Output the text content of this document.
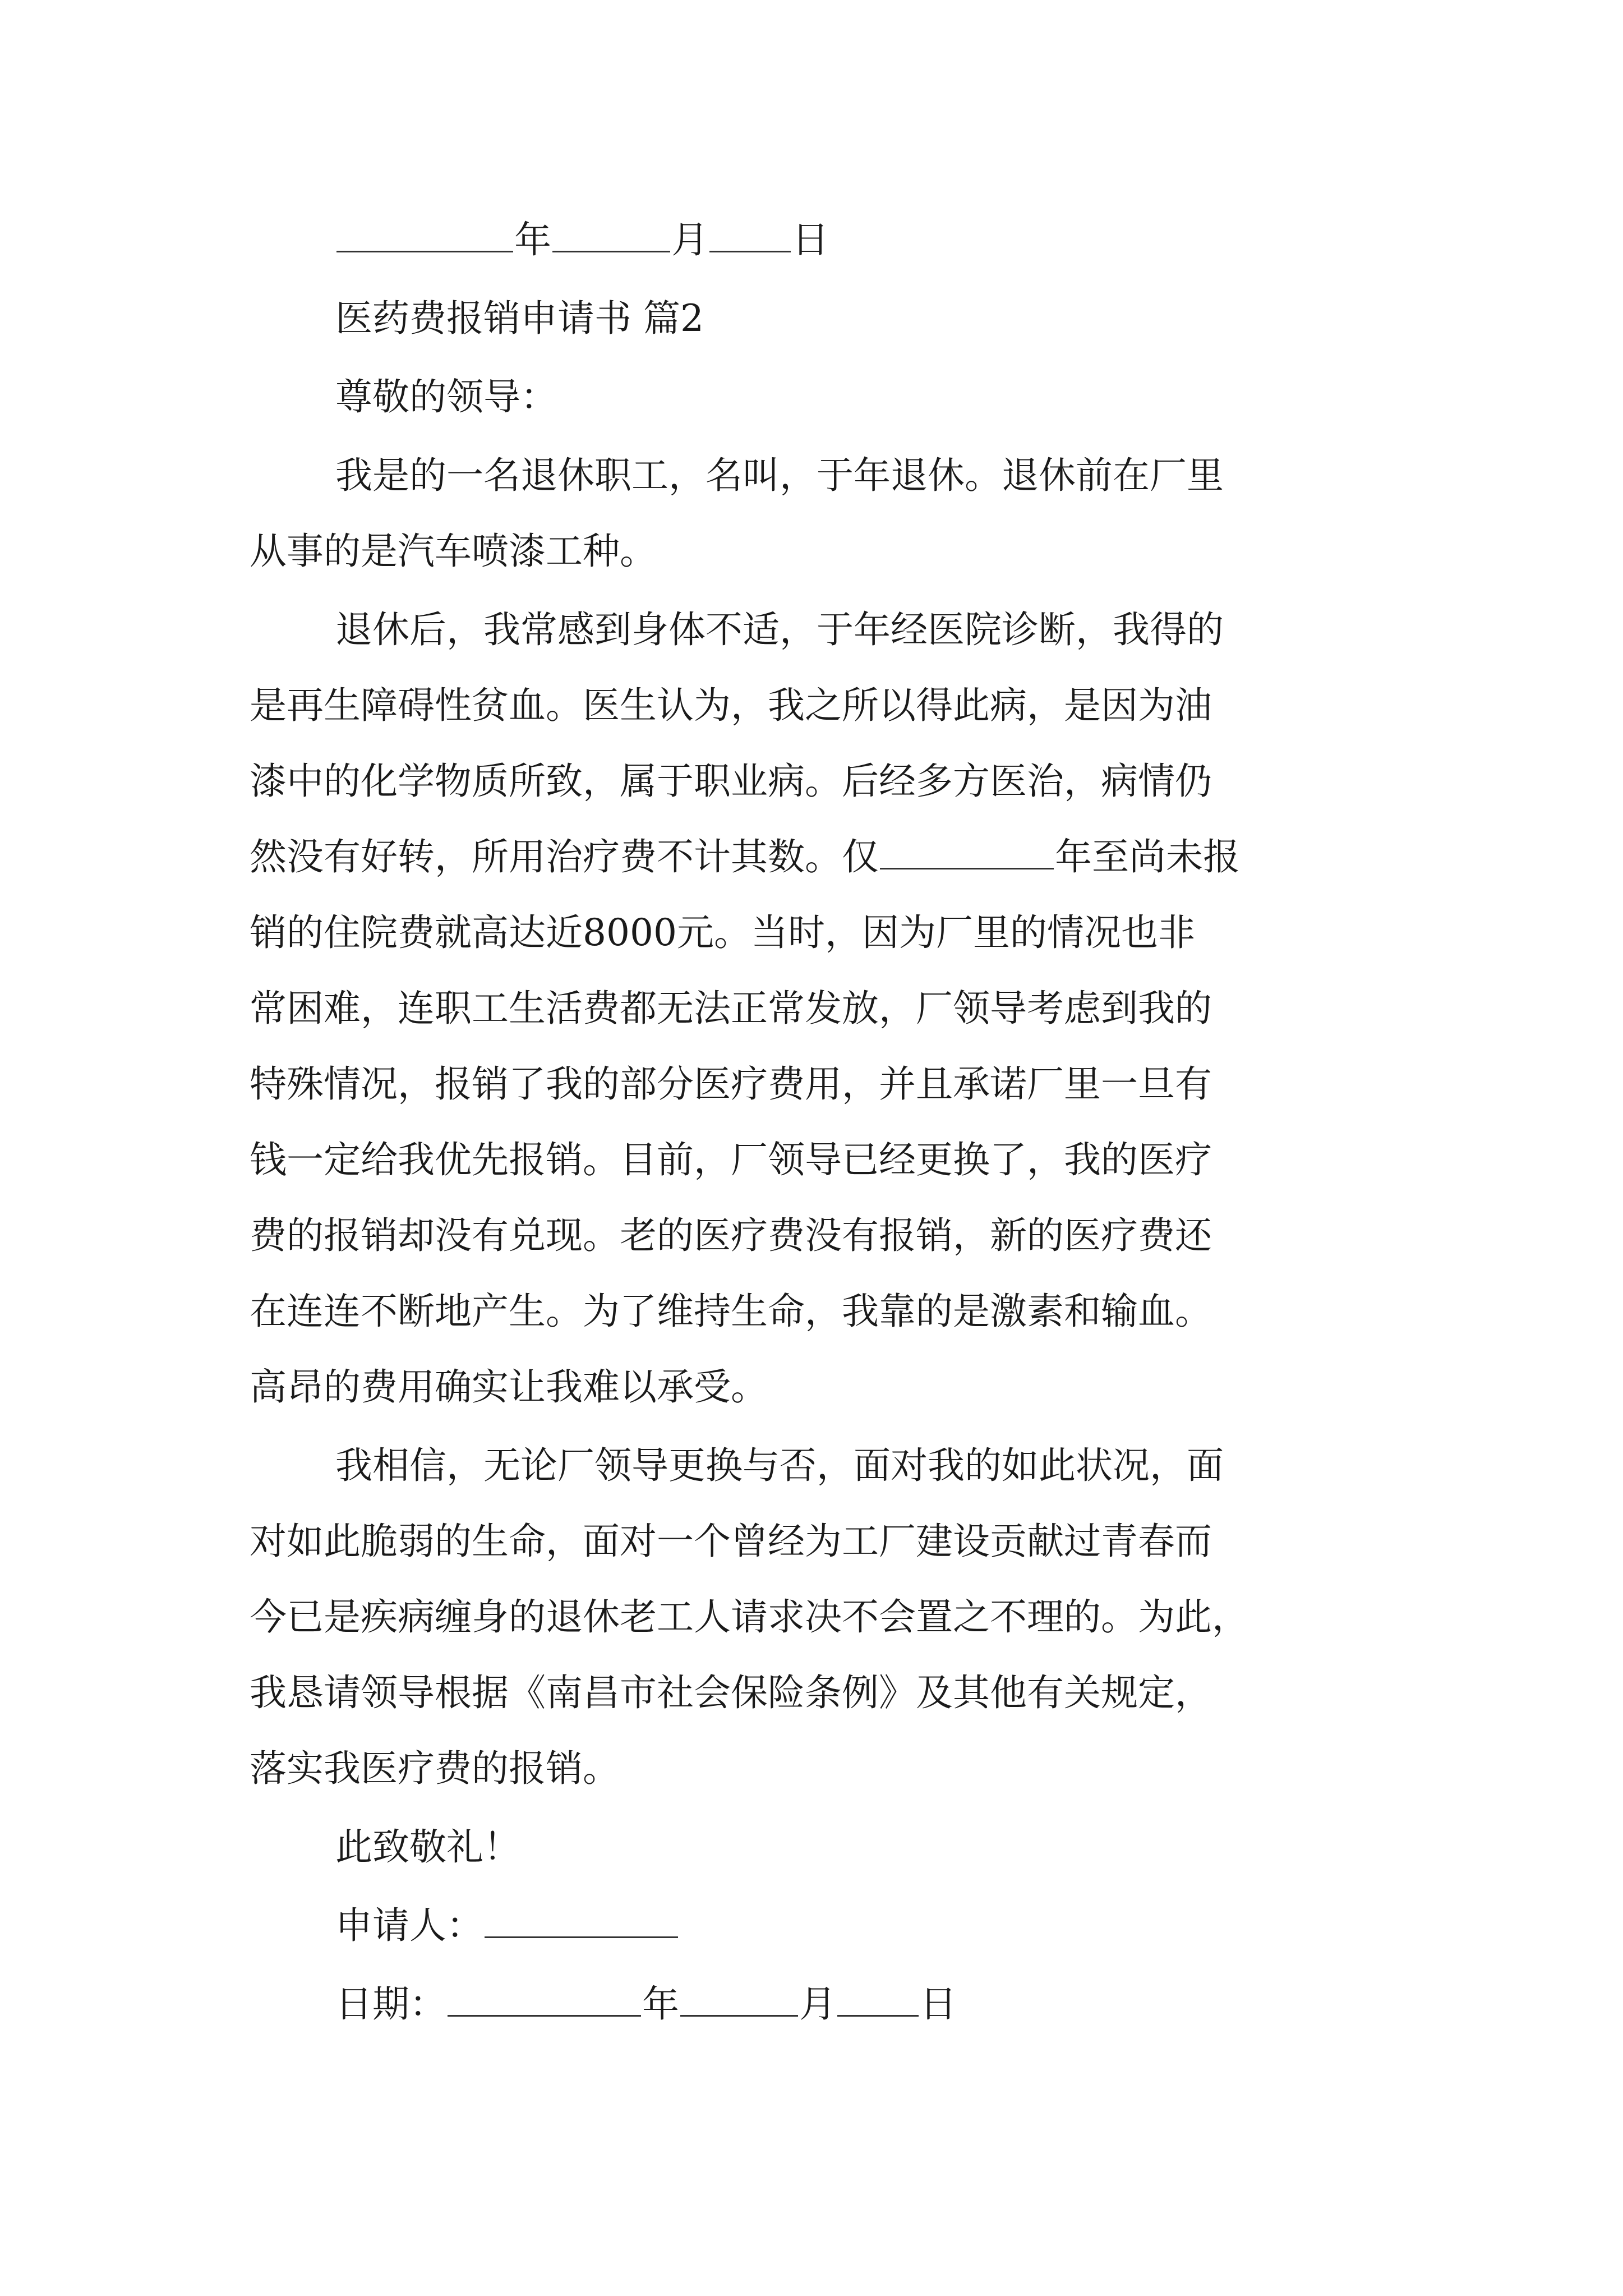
年	月 日
医药费报销申请书 篇2
尊敬的领导：
我是的一名退休职工，名叫，于年退休。退休前在厂里
从事的是汽车喷漆工种。
退休后，我常感到身体不适，于年经医院诊断，我得的
是再生障碍性贫血。医生认为，我之所以得此病，是因为油
漆中的化学物质所致，属于职业病。后经多方医治，病情仍
然没有好转，所用治疗费不计其数。仅	年至尚未报
销的住院费就高达近8000元。当时，因为厂里的情况也非
常困难，连职工生活费都无法正常发放，厂领导考虑到我的
特殊情况，报销了我的部分医疗费用，并且承诺厂里一旦有
钱一定给我优先报销。目前，厂领导已经更换了，我的医疗
费的报销却没有兑现。老的医疗费没有报销，新的医疗费还
在连连不断地产生。为了维持生命，我靠的是激素和输血。
高昂的费用确实让我难以承受。
我相信，无论厂领导更换与否，面对我的如此状况，面
对如此脆弱的生命，面对一个曾经为工厂建设贡献过青春而
今已是疾病缠身的退休老工人请求决不会置之不理的。为此，
我恳请领导根据《南昌市社会保险条例》及其他有关规定，
落实我医疗费的报销。
此致敬礼！
申请人：
日期：	年	月 日
